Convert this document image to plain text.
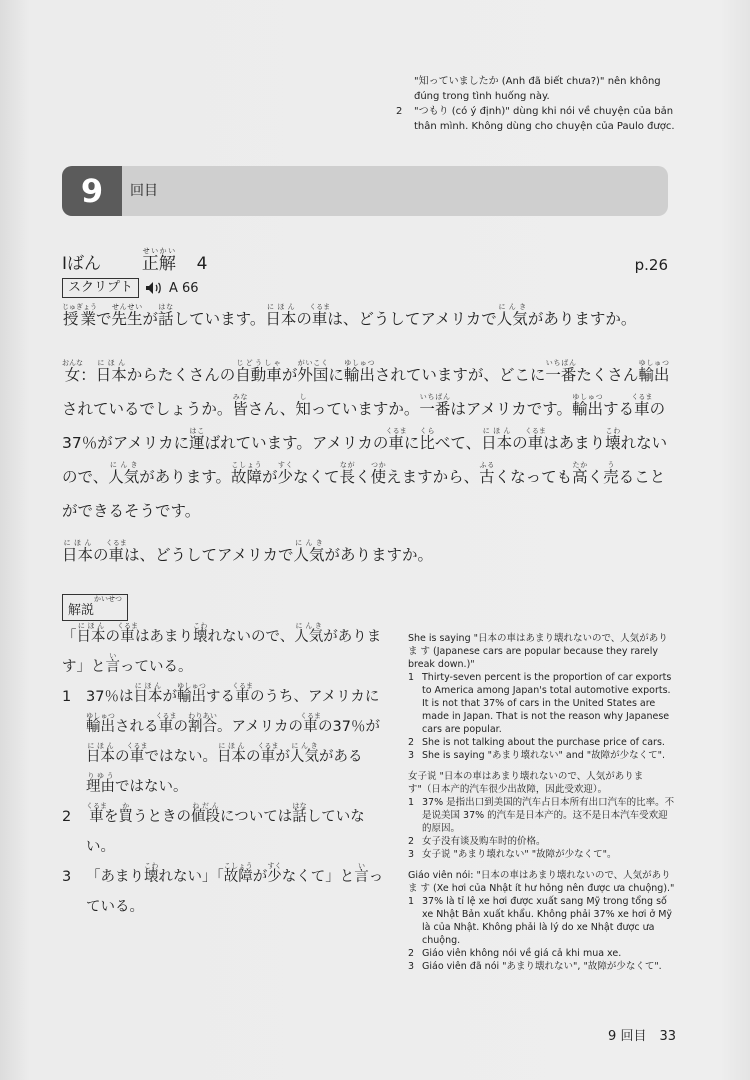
"知っていましたか (Anh đã biết chưa?)" nên không đúng trong tình huống này.
2	"つもり (có ý định)" dùng khi nói về chuyện của bản thân mình. Không dùng cho chuyện của Paulo được.
9	回目
Iばん 正解せいかい  4	p.26
スクリプト	A 66
授業じゅぎょうで先生せんせいが話はなしています。日本にほんの車くるまは、どうしてアメリカで人気にんきがありますか。
女おんな：日本にほんからたくさんの自動車じどうしゃが外国がいこくに輸出ゆしゅつされていますが、どこに一番いちばんたくさん輸出ゆしゅつされているでしょうか。皆みなさん、知しっていますか。一番いちばんはアメリカです。輸出ゆしゅつする車くるまの37％がアメリカに運はこばれています。アメリカの車くるまに比くらべて、日本にほんの車くるまはあまり壊こわれないので、人気にんきがあります。故障こしょうが少すくなくて長ながく使つかえますから、古ふるくなっても高たかく売うることができるそうです。
日本にほんの車くるまは、どうしてアメリカで人気にんきがありますか。
解説かいせつ
「日本にほんの車くるまはあまり壊こわれないので、人気にんきがありま す」と言いっている。
1	37％は日本にほんが輸出ゆしゅつする車くるまのうち、アメリカに輸出ゆしゅつされる車くるまの割合わりあい。アメリカの車くるまの37％が日本にほんの車くるまではない。日本にほんの車くるまが人気にんきがある理由りゆうではない。
2	車くるまを買かうときの値段ねだんについては話はなしていない。
3	「あまり壊こわれない」「故障こしょうが少すくなくて」と言いっている。
She is saying "日本の車はあまり壊れないので、人気がありま す (Japanese cars are popular because they rarely break down.)"
1 Thirty-seven percent is the proportion of car exports to America among Japan's total automotive exports. It is not that 37% of cars in the United States are made in Japan. That is not the reason why Japanese cars are popular.
2 She is not talking about the purchase price of cars.
3 She is saying "あまり壊れない" and "故障が少なくて".
女子说 "日本の車はあまり壊れないので、人気がありま す"（日本产的汽车很少出故障，因此受欢迎）。
1 37% 是指出口到美国的汽车占日本所有出口汽车的比率。不是说美国 37% 的汽车是日本产的。这不是日本汽车受欢迎的原因。
2 女子没有谈及购车时的价格。
3 女子说 "あまり壊れない" "故障が少なくて"。
Giáo viên nói: "日本の車はあまり壊れないので、人気がありま す (Xe hơi của Nhật ít hư hỏng nên được ưa chuộng)."
1 37% là tỉ lệ xe hơi được xuất sang Mỹ trong tổng số xe Nhật Bản xuất khẩu. Không phải 37% xe hơi ở Mỹ là của Nhật. Không phải là lý do xe Nhật được ưa chuộng.
2 Giáo viên không nói về giá cả khi mua xe.
3 Giáo viên đã nói "あまり壊れない", "故障が少なくて".
9 回目　33
